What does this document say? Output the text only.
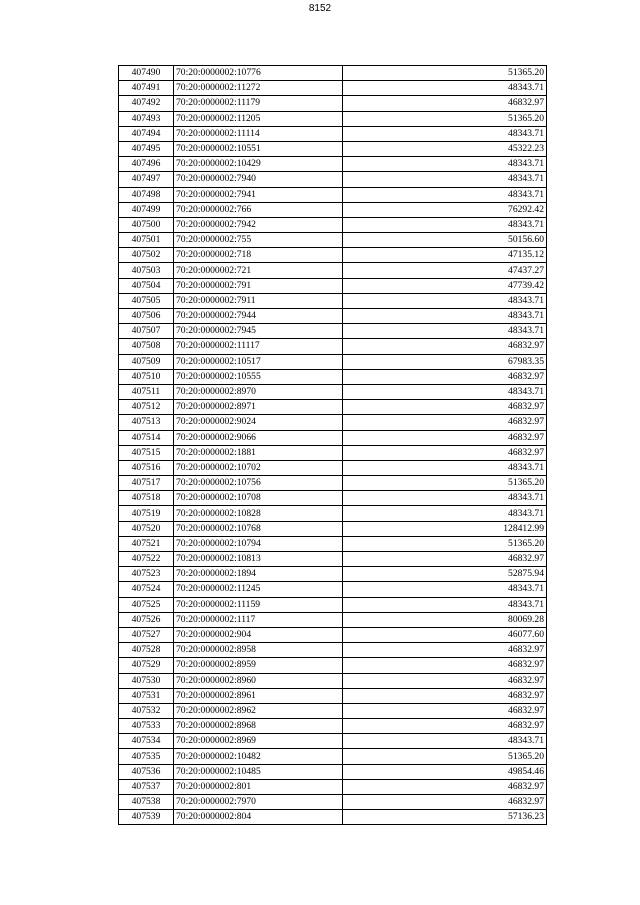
8152
407490	70:20:0000002:10776	51365.20
407491	70:20:0000002:11272	48343.71
407492	70:20:0000002:11179	46832.97
407493	70:20:0000002:11205	51365.20
407494	70:20:0000002:11114	48343.71
407495	70:20:0000002:10551	45322.23
407496	70:20:0000002:10429	48343.71
407497	70:20:0000002:7940	48343.71
407498	70:20:0000002:7941	48343.71
407499	70:20:0000002:766	76292.42
407500	70:20:0000002:7942	48343.71
407501	70:20:0000002:755	50156.60
407502	70:20:0000002:718	47135.12
407503	70:20:0000002:721	47437.27
407504	70:20:0000002:791	47739.42
407505	70:20:0000002:7911	48343.71
407506	70:20:0000002:7944	48343.71
407507	70:20:0000002:7945	48343.71
407508	70:20:0000002:11117	46832.97
407509	70:20:0000002:10517	67983.35
407510	70:20:0000002:10555	46832.97
407511	70:20:0000002:8970	48343.71
407512	70:20:0000002:8971	46832.97
407513	70:20:0000002:9024	46832.97
407514	70:20:0000002:9066	46832.97
407515	70:20:0000002:1881	46832.97
407516	70:20:0000002:10702	48343.71
407517	70:20:0000002:10756	51365.20
407518	70:20:0000002:10708	48343.71
407519	70:20:0000002:10828	48343.71
407520	70:20:0000002:10768	128412.99
407521	70:20:0000002:10794	51365.20
407522	70:20:0000002:10813	46832.97
407523	70:20:0000002:1894	52875.94
407524	70:20:0000002:11245	48343.71
407525	70:20:0000002:11159	48343.71
407526	70:20:0000002:1117	80069.28
407527	70:20:0000002:904	46077.60
407528	70:20:0000002:8958	46832.97
407529	70:20:0000002:8959	46832.97
407530	70:20:0000002:8960	46832.97
407531	70:20:0000002:8961	46832.97
407532	70:20:0000002:8962	46832.97
407533	70:20:0000002:8968	46832.97
407534	70:20:0000002:8969	48343.71
407535	70:20:0000002:10482	51365.20
407536	70:20:0000002:10485	49854.46
407537	70:20:0000002:801	46832.97
407538	70:20:0000002:7970	46832.97
407539	70:20:0000002:804	57136.23
